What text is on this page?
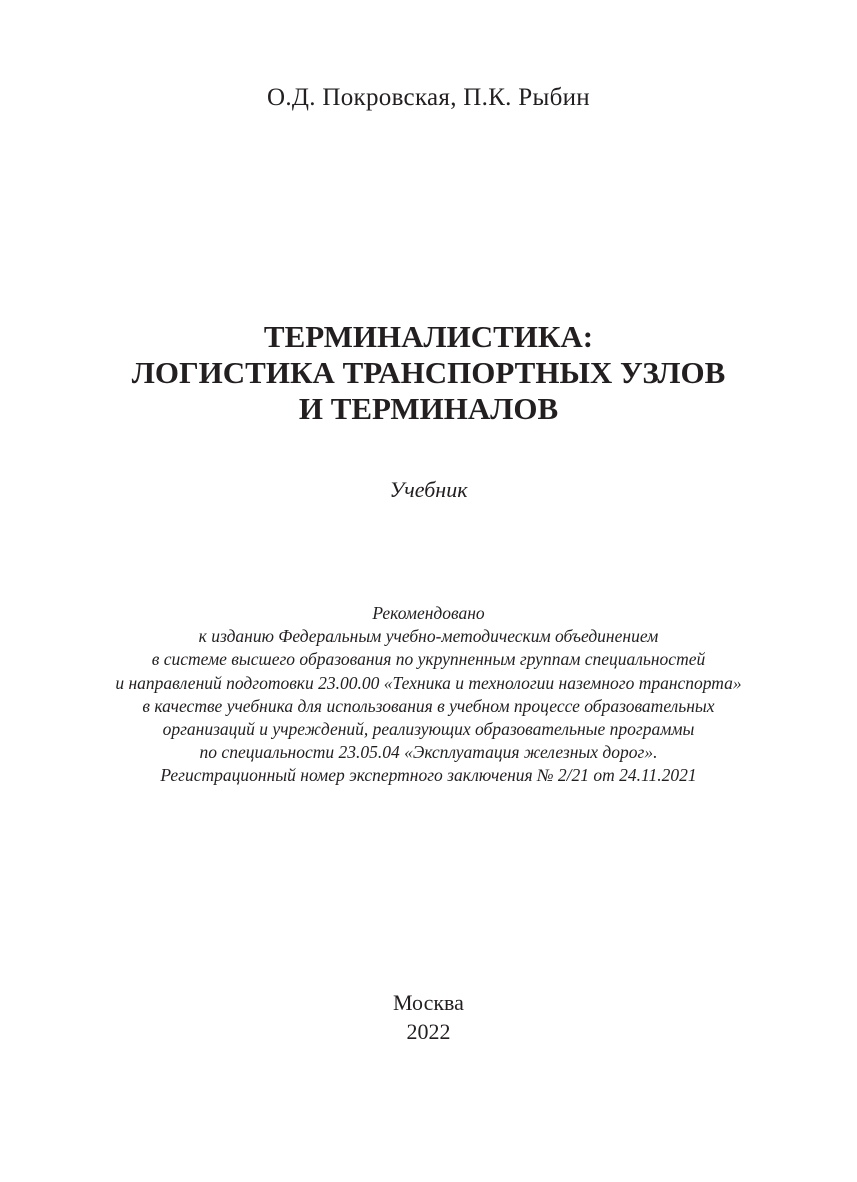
О.Д. Покровская, П.К. Рыбин
ТЕРМИНАЛИСТИКА:
ЛОГИСТИКА ТРАНСПОРТНЫХ УЗЛОВ
И ТЕРМИНАЛОВ
Учебник
Рекомендовано
к изданию Федеральным учебно-методическим объединением
в системе высшего образования по укрупненным группам специальностей
и направлений подготовки 23.00.00 «Техника и технологии наземного транспорта»
в качестве учебника для использования в учебном процессе образовательных
организаций и учреждений, реализующих образовательные программы
по специальности 23.05.04 «Эксплуатация железных дорог».
Регистрационный номер экспертного заключения № 2/21 от 24.11.2021
Москва
2022
